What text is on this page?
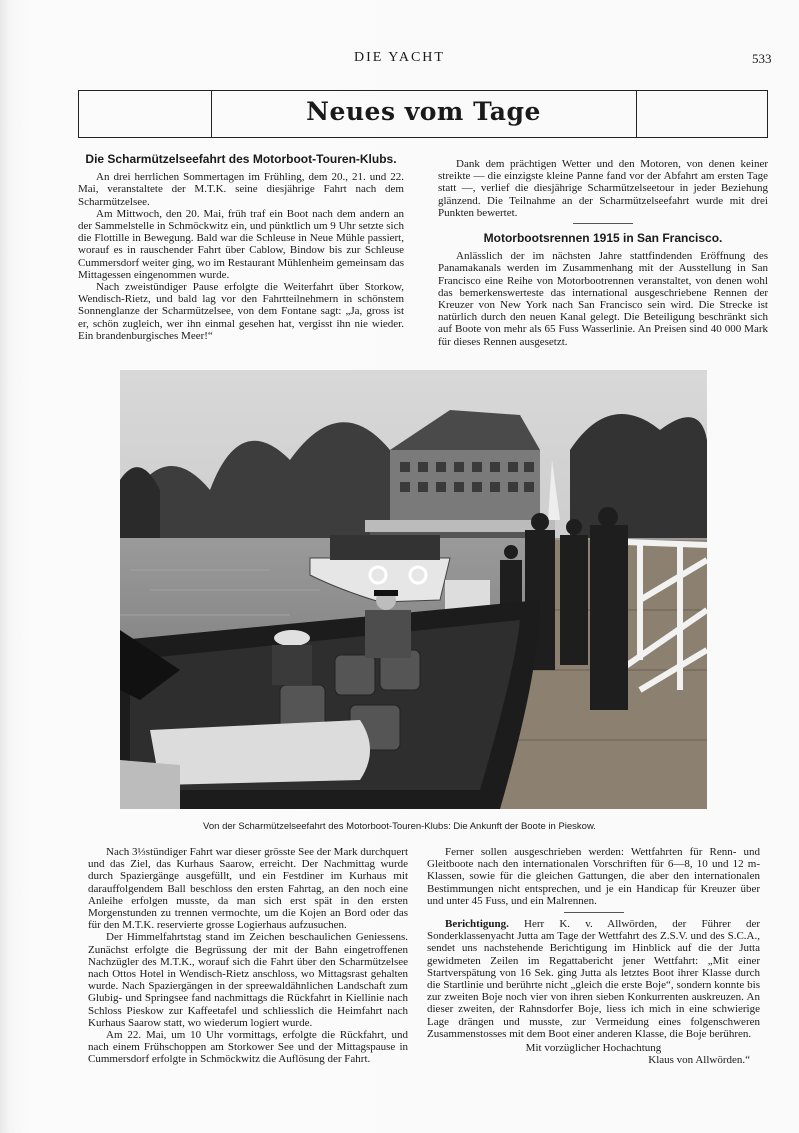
DIE YACHT	533
Neues vom Tage
Die Scharmützelseefahrt des Motorboot-Touren-Klubs.

An drei herrlichen Sommertagen im Frühling, dem 20., 21. und 22. Mai, veranstaltete der M.T.K. seine diesjährige Fahrt nach dem Scharmützelsee.

Am Mittwoch, den 20. Mai, früh traf ein Boot nach dem andern an der Sammelstelle in Schmöckwitz ein, und pünktlich um 9 Uhr setzte sich die Flottille in Bewegung. Bald war die Schleuse in Neue Mühle passiert, worauf es in rauschender Fahrt über Cablow, Bindow bis zur Schleuse Cummersdorf weiter ging, wo im Restaurant Mühlenheim gemeinsam das Mittagessen eingenommen wurde.

Nach zweistündiger Pause erfolgte die Weiterfahrt über Storkow, Wendisch-Rietz, und bald lag vor den Fahrtteilnehmern in schönstem Sonnenglanze der Scharmützelsee, von dem Fontane sagt: „Ja, gross ist er, schön zugleich, wer ihn einmal gesehen hat, vergisst ihn nie wieder. Ein brandenburgisches Meer!“

Dank dem prächtigen Wetter und den Motoren, von denen keiner streikte — die einzigste kleine Panne fand vor der Abfahrt am ersten Tage statt —, verlief die diesjährige Scharmützelseetour in jeder Beziehung glänzend. Die Teilnahme an der Scharmützelseefahrt wurde mit drei Punkten bewertet.

Motorbootsrennen 1915 in San Francisco.

Anlässlich der im nächsten Jahre stattfindenden Eröffnung des Panamakanals werden im Zusammenhang mit der Ausstellung in San Francisco eine Reihe von Motorbootrennen veranstaltet, von denen wohl das bemerkenswerteste das international ausgeschriebene Rennen der Kreuzer von New York nach San Francisco sein wird. Die Strecke ist natürlich durch den neuen Kanal gelegt. Die Beteiligung beschränkt sich auf Boote von mehr als 65 Fuss Wasserlinie. An Preisen sind 40 000 Mark für dieses Rennen ausgesetzt.

Von der Scharmützelseefahrt des Motorboot-Touren-Klubs: Die Ankunft der Boote in Pieskow.

Nach 3⅓stündiger Fahrt war dieser grösste See der Mark durchquert und das Ziel, das Kurhaus Saarow, erreicht. Der Nachmittag wurde durch Spaziergänge ausgefüllt, und ein Festdiner im Kurhaus mit darauffolgendem Ball beschloss den ersten Fahrtag, an den noch eine Anleihe erfolgen musste, da man sich erst spät in den ersten Morgenstunden zu trennen vermochte, um die Kojen an Bord oder das für den M.T.K. reservierte grosse Logierhaus aufzusuchen.

Der Himmelfahrtstag stand im Zeichen beschaulichen Geniessens. Zunächst erfolgte die Begrüssung der mit der Bahn eingetroffenen Nachzügler des M.T.K., worauf sich die Fahrt über den Scharmützelsee nach Ottos Hotel in Wendisch-Rietz anschloss, wo Mittagsrast gehalten wurde. Nach Spaziergängen in der spreewaldähnlichen Landschaft zum Glubig- und Springsee fand nachmittags die Rückfahrt in Kiellinie nach Schloss Pieskow zur Kaffeetafel und schliesslich die Heimfahrt nach Kurhaus Saarow statt, wo wiederum logiert wurde.

Am 22. Mai, um 10 Uhr vormittags, erfolgte die Rückfahrt, und nach einem Frühschoppen am Storkower See und der Mittagspause in Cummersdorf erfolgte in Schmöckwitz die Auflösung der Fahrt.

Ferner sollen ausgeschrieben werden: Wettfahrten für Renn- und Gleitboote nach den internationalen Vorschriften für 6—8, 10 und 12 m-Klassen, sowie für die gleichen Gattungen, die aber den internationalen Bestimmungen nicht entsprechen, und je ein Handicap für Kreuzer über und unter 45 Fuss, und ein Malrennen.

Berichtigung. Herr K. v. Allwörden, der Führer der Sonderklassenyacht Jutta am Tage der Wettfahrt des Z.S.V. und des S.C.A., sendet uns nachstehende Berichtigung im Hinblick auf die der Jutta gewidmeten Zeilen im Regattabericht jener Wettfahrt: „Mit einer Startverspätung von 16 Sek. ging Jutta als letztes Boot ihrer Klasse durch die Startlinie und berührte nicht „gleich die erste Boje“, sondern konnte bis zur zweiten Boje noch vier von ihren sieben Konkurrenten auskreuzen. An dieser zweiten, der Rahnsdorfer Boje, liess ich mich in eine schwierige Lage drängen und musste, zur Vermeidung eines folgenschweren Zusammenstosses mit dem Boot einer anderen Klasse, die Boje berühren.

Mit vorzüglicher Hochachtung

Klaus von Allwörden.“
